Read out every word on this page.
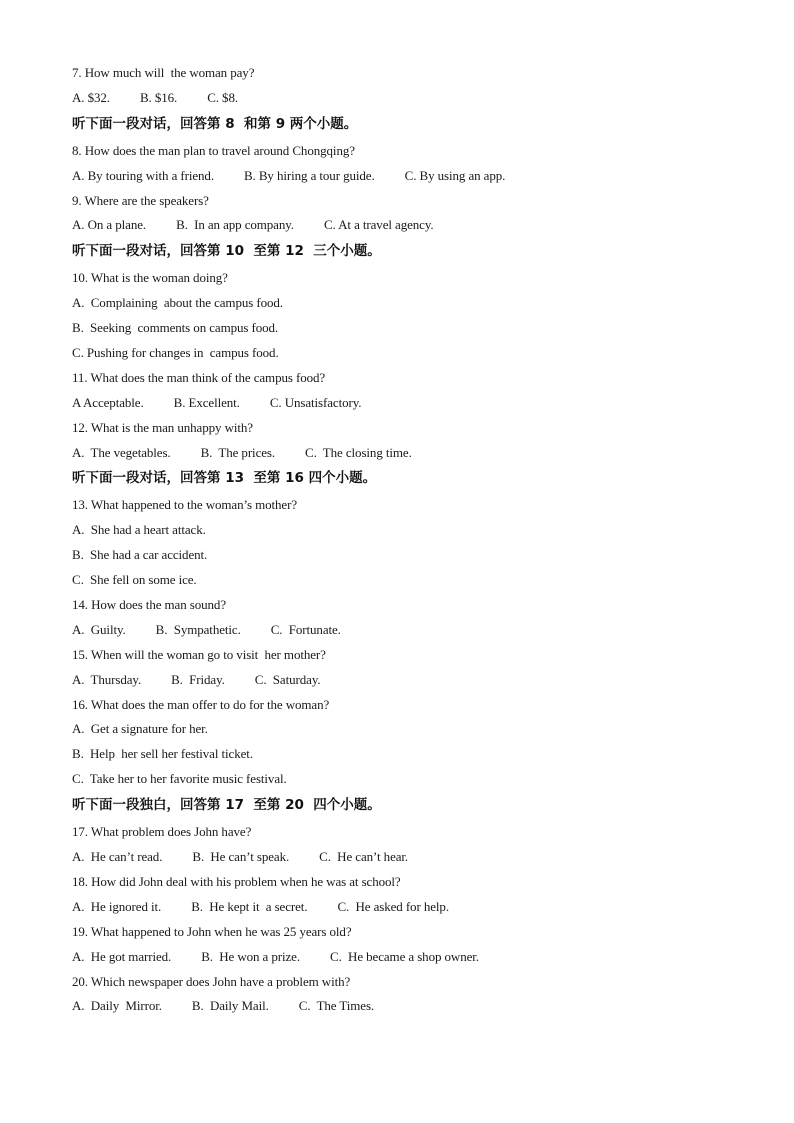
7. How much will  the woman pay?
A. $32. B. $16. C. $8.
听下面一段对话，回答第 8  和第 9 两个小题。
8. How does the man plan to travel around Chongqing?
A. By touring with a friend. B. By hiring a tour guide. C. By using an app.
9. Where are the speakers?
A. On a plane. B.  In an app company. C. At a travel agency.
听下面一段对话，回答第 10  至第 12  三个小题。
10. What is the woman doing?
A.  Complaining  about the campus food.
B.  Seeking  comments on campus food.
C. Pushing for changes in  campus food.
11. What does the man think of the campus food?
A Acceptable. B. Excellent. C. Unsatisfactory.
12. What is the man unhappy with?
A.  The vegetables. B.  The prices. C.  The closing time.
听下面一段对话，回答第 13  至第 16 四个小题。
13. What happened to the woman’s mother?
A.  She had a heart attack.
B.  She had a car accident.
C.  She fell on some ice.
14. How does the man sound?
A.  Guilty. B.  Sympathetic. C.  Fortunate.
15. When will the woman go to visit  her mother?
A.  Thursday. B.  Friday. C.  Saturday.
16. What does the man offer to do for the woman?
A.  Get a signature for her.
B.  Help  her sell her festival ticket.
C.  Take her to her favorite music festival.
听下面一段独白，回答第 17  至第 20  四个小题。
17. What problem does John have?
A.  He can’t read. B.  He can’t speak. C.  He can’t hear.
18. How did John deal with his problem when he was at school?
A.  He ignored it. B.  He kept it  a secret. C.  He asked for help.
19. What happened to John when he was 25 years old?
A.  He got married. B.  He won a prize. C.  He became a shop owner.
20. Which newspaper does John have a problem with?
A.  Daily  Mirror. B.  Daily Mail. C.  The Times.
